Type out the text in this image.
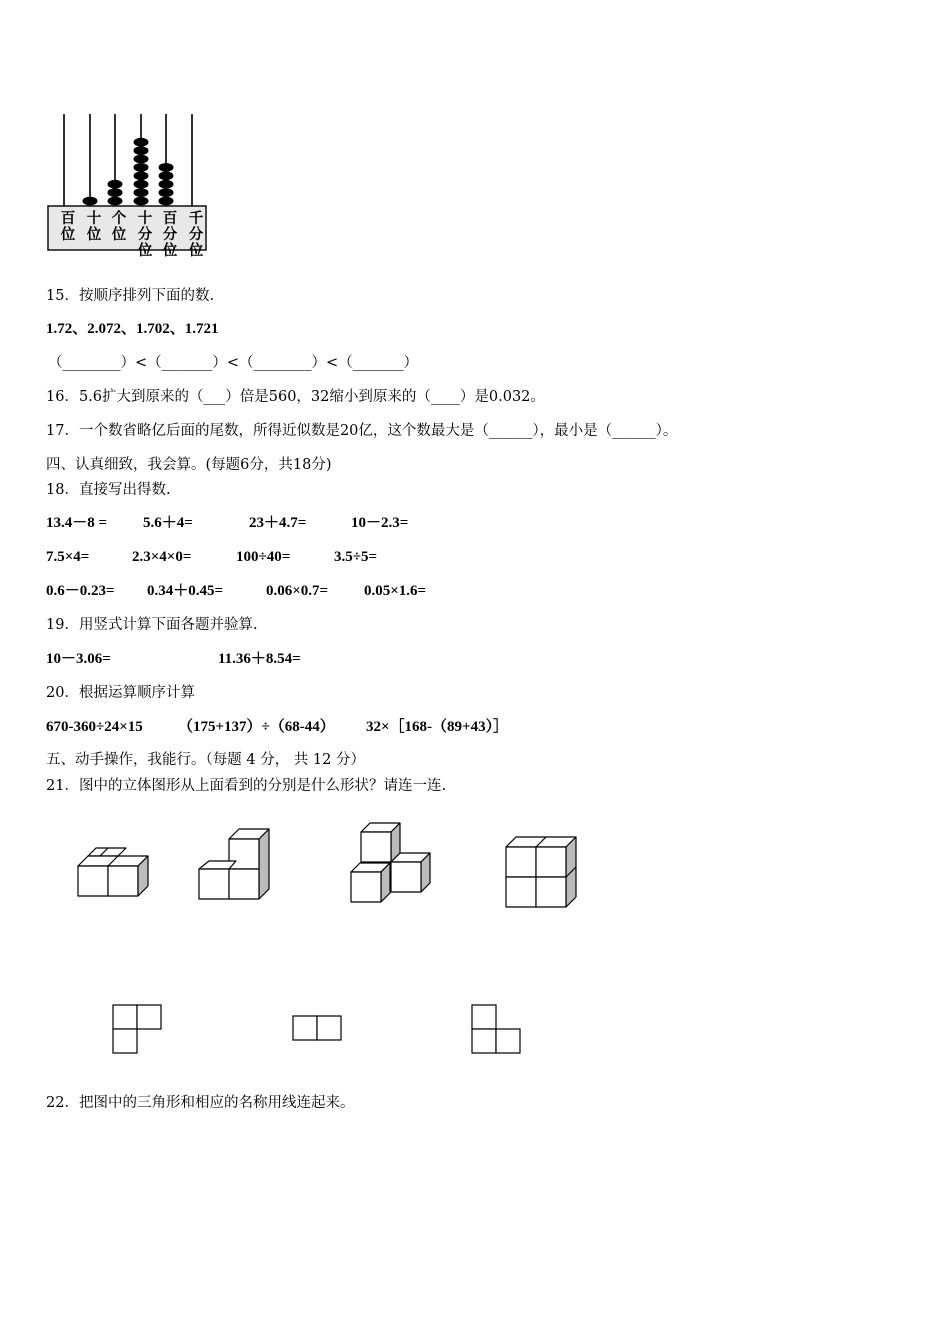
百位
十位
个位
十分位
百分位
千分位
15．按顺序排列下面的数.
1.72、2.072、1.702、1.721
（________）<（_______）<（________）<（_______）
16．5.6扩大到原来的（___）倍是560，32缩小到原来的（____）是0.032。
17．一个数省略亿后面的尾数，所得近似数是20亿，这个数最大是（______），最小是（______）。
四、认真细致，我会算。(每题6分，共18分)
18．直接写出得数.
13.4－8 = 5.6＋4=	23＋4.7=	10－2.3=
7.5×4=	2.3×4×0=	100÷40=	3.5÷5=
0.6－0.23= 0.34＋0.45=	0.06×0.7= 0.05×1.6=
19．用竖式计算下面各题并验算.
10－3.06=	11.36＋8.54=
20．根据运算顺序计算
670-360÷24×15 （175+137）÷（68-44） 32×［168-（89+43）］
五、动手操作，我能行。（每题 4 分， 共 12 分）
21．图中的立体图形从上面看到的分别是什么形状？请连一连.
22．把图中的三角形和相应的名称用线连起来。
